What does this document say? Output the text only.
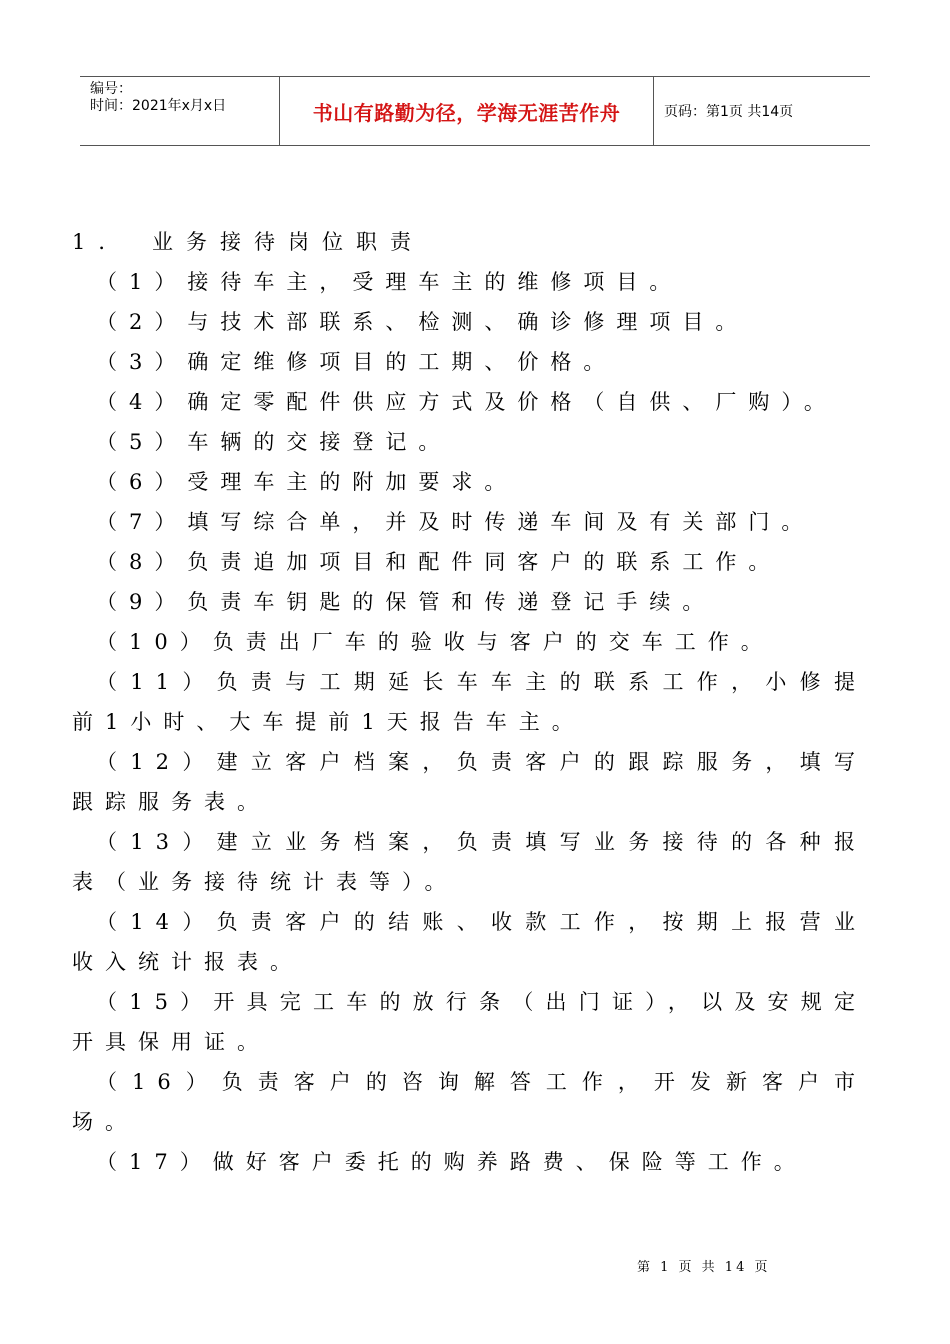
编号：
时间：2021年x月x日	书山有路勤为径，学海无涯苦作舟	页码：第1页 共14页

1． 业务接待岗位职责

（1）接待车主，受理车主的维修项目。

（2）与技术部联系、检测、确诊修理项目。

（3）确定维修项目的工期、价格。

（4）确定零配件供应方式及价格（自供、厂购）。

（5）车辆的交接登记。

（6）受理车主的附加要求。

（7）填写综合单，并及时传递车间及有关部门。

（8）负责追加项目和配件同客户的联系工作。

（9）负责车钥匙的保管和传递登记手续。

（10）负责出厂车的验收与客户的交车工作。

（11）负责与工期延长车车主的联系工作，小修提前1小时、大车提前1天报告车主。

（12）建立客户档案，负责客户的跟踪服务，填写跟踪服务表。

（13）建立业务档案，负责填写业务接待的各种报表（业务接待统计表等）。

（14）负责客户的结账、收款工作，按期上报营业收入统计报表。

（15）开具完工车的放行条（出门证），以及安规定开具保用证。

（16）负责客户的咨询解答工作，开发新客户市场。

（17）做好客户委托的购养路费、保险等工作。

第 1 页 共 14 页
